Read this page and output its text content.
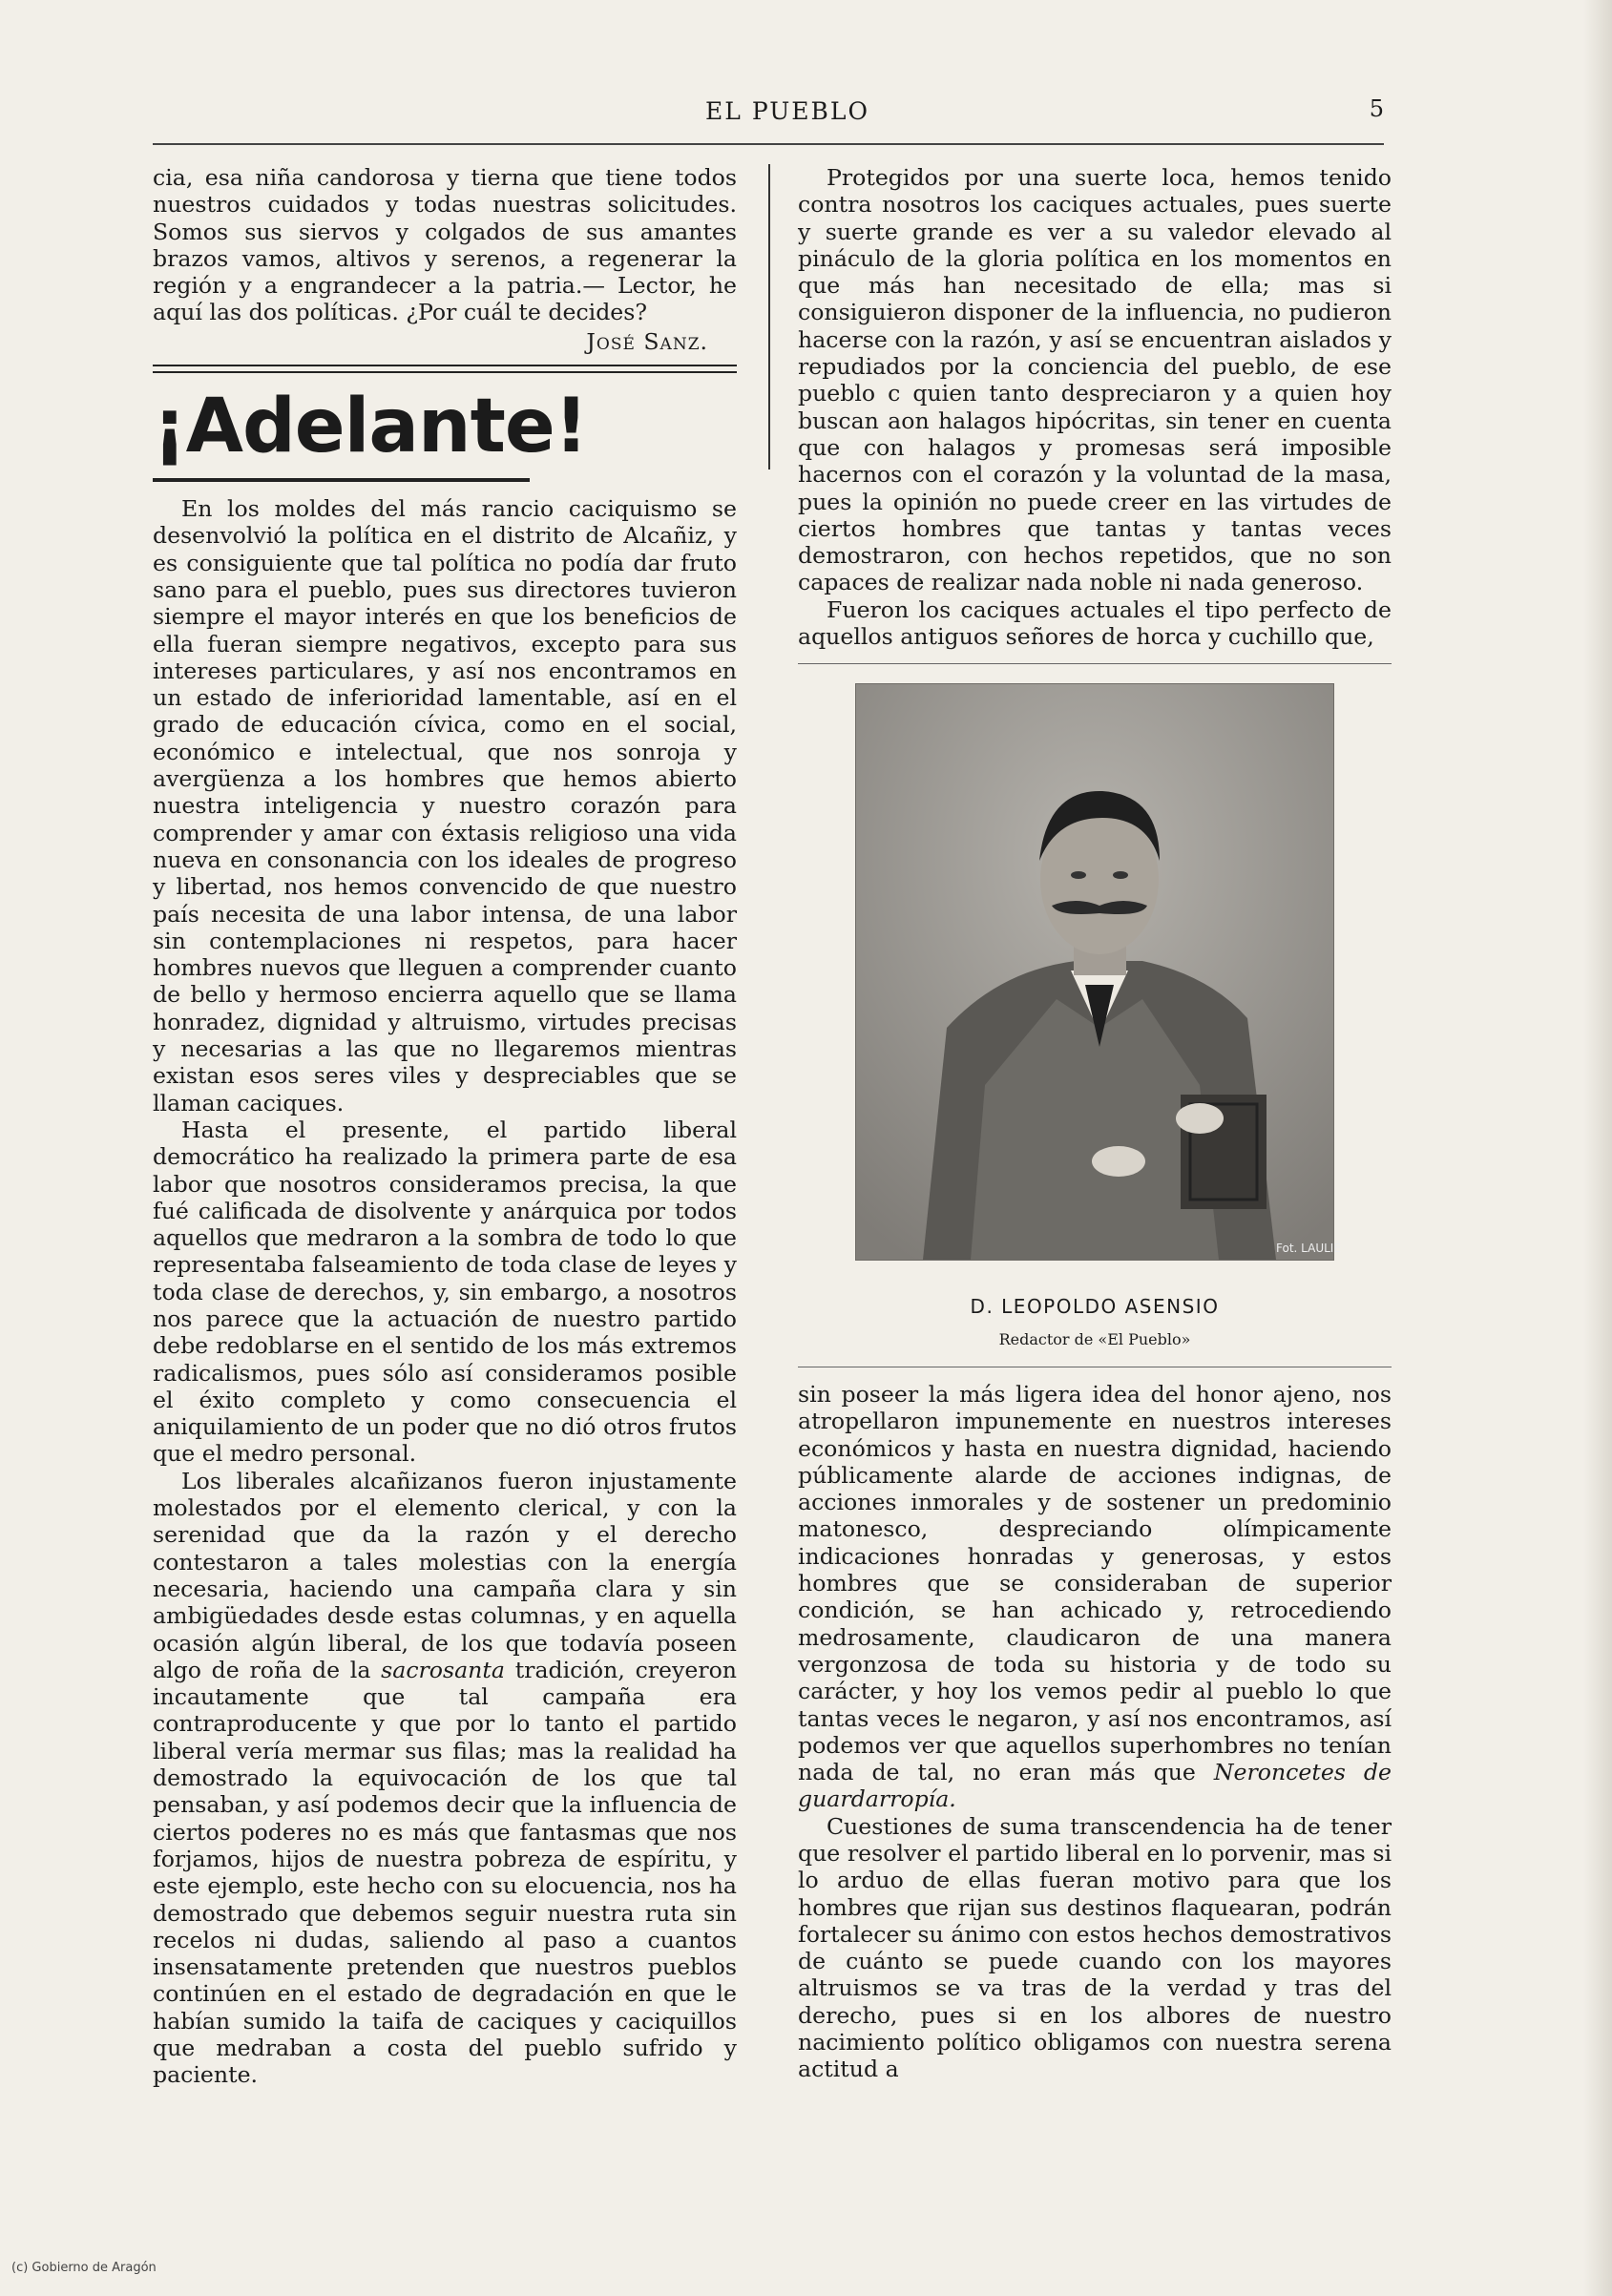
EL PUEBLO	5

cia, esa niña candorosa y tierna que tiene todos nuestros cuidados y todas nuestras solicitudes. Somos sus siervos y colgados de sus amantes brazos vamos, altivos y serenos, a regenerar la región y a engrandecer a la patria.— Lector, he aquí las dos políticas. ¿Por cuál te decides?

José Sanz.
¡Adelante!

En los moldes del más rancio caciquismo se desenvolvió la política en el distrito de Alcañiz, y es consiguiente que tal política no podía dar fruto sano para el pueblo, pues sus directores tuvieron siempre el mayor interés en que los beneficios de ella fueran siempre negativos, excepto para sus intereses particulares, y así nos encontramos en un estado de inferioridad lamentable, así en el grado de educación cívica, como en el social, económico e intelectual, que nos sonroja y avergüenza a los hombres que hemos abierto nuestra inteligencia y nuestro corazón para comprender y amar con éxtasis religioso una vida nueva en consonancia con los ideales de progreso y libertad, nos hemos convencido de que nuestro país necesita de una labor intensa, de una labor sin contemplaciones ni respetos, para hacer hombres nuevos que lleguen a comprender cuanto de bello y hermoso encierra aquello que se llama honradez, dignidad y altruismo, virtudes precisas y necesarias a las que no llegaremos mientras existan esos seres viles y despreciables que se llaman caciques.

Hasta el presente, el partido liberal democrático ha realizado la primera parte de esa labor que nosotros consideramos precisa, la que fué calificada de disolvente y anárquica por todos aquellos que medraron a la sombra de todo lo que representaba falseamiento de toda clase de leyes y toda clase de derechos, y, sin embargo, a nosotros nos parece que la actuación de nuestro partido debe redoblarse en el sentido de los más extremos radicalismos, pues sólo así consideramos posible el éxito completo y como consecuencia el aniquilamiento de un poder que no dió otros frutos que el medro personal.

Los liberales alcañizanos fueron injustamente molestados por el elemento clerical, y con la serenidad que da la razón y el derecho contestaron a tales molestias con la energía necesaria, haciendo una campaña clara y sin ambigüedades desde estas columnas, y en aquella ocasión algún liberal, de los que todavía poseen algo de roña de la sacrosanta tradición, creyeron incautamente que tal campaña era contraproducente y que por lo tanto el partido liberal vería mermar sus filas; mas la realidad ha demostrado la equivocación de los que tal pensaban, y así podemos decir que la influencia de ciertos poderes no es más que fantasmas que nos forjamos, hijos de nuestra pobreza de espíritu, y este ejemplo, este hecho con su elocuencia, nos ha demostrado que debemos seguir nuestra ruta sin recelos ni dudas, saliendo al paso a cuantos insensatamente pretenden que nuestros pueblos continúen en el estado de degradación en que le habían sumido la taifa de caciques y caciquillos que medraban a costa del pueblo sufrido y paciente.

Protegidos por una suerte loca, hemos tenido contra nosotros los caciques actuales, pues suerte y suerte grande es ver a su valedor elevado al pináculo de la gloria política en los momentos en que más han necesitado de ella; mas si consiguieron disponer de la influencia, no pudieron hacerse con la razón, y así se encuentran aislados y repudiados por la conciencia del pueblo, de ese pueblo c quien tanto despreciaron y a quien hoy buscan aon halagos hipócritas, sin tener en cuenta que con halagos y promesas será imposible hacernos con el corazón y la voluntad de la masa, pues la opinión no puede creer en las virtudes de ciertos hombres que tantas y tantas veces demostraron, con hechos repetidos, que no son capaces de realizar nada noble ni nada generoso.

Fueron los caciques actuales el tipo perfecto de aquellos antiguos señores de horca y cuchillo que,

Fot. LAULIÉ
D. LEOPOLDO ASENSIO
Redactor de «El Pueblo»

sin poseer la más ligera idea del honor ajeno, nos atropellaron impunemente en nuestros intereses económicos y hasta en nuestra dignidad, haciendo públicamente alarde de acciones indignas, de acciones inmorales y de sostener un predominio matonesco, despreciando olímpicamente indicaciones honradas y generosas, y estos hombres que se consideraban de superior condición, se han achicado y, retrocediendo medrosamente, claudicaron de una manera vergonzosa de toda su historia y de todo su carácter, y hoy los vemos pedir al pueblo lo que tantas veces le negaron, y así nos encontramos, así podemos ver que aquellos superhombres no tenían nada de tal, no eran más que Neroncetes de guardarropía.

Cuestiones de suma transcendencia ha de tener que resolver el partido liberal en lo porvenir, mas si lo arduo de ellas fueran motivo para que los hombres que rijan sus destinos flaquearan, podrán fortalecer su ánimo con estos hechos demostrativos de cuánto se puede cuando con los mayores altruismos se va tras de la verdad y tras del derecho, pues si en los albores de nuestro nacimiento político obligamos con nuestra serena actitud a

(c) Gobierno de Aragón
